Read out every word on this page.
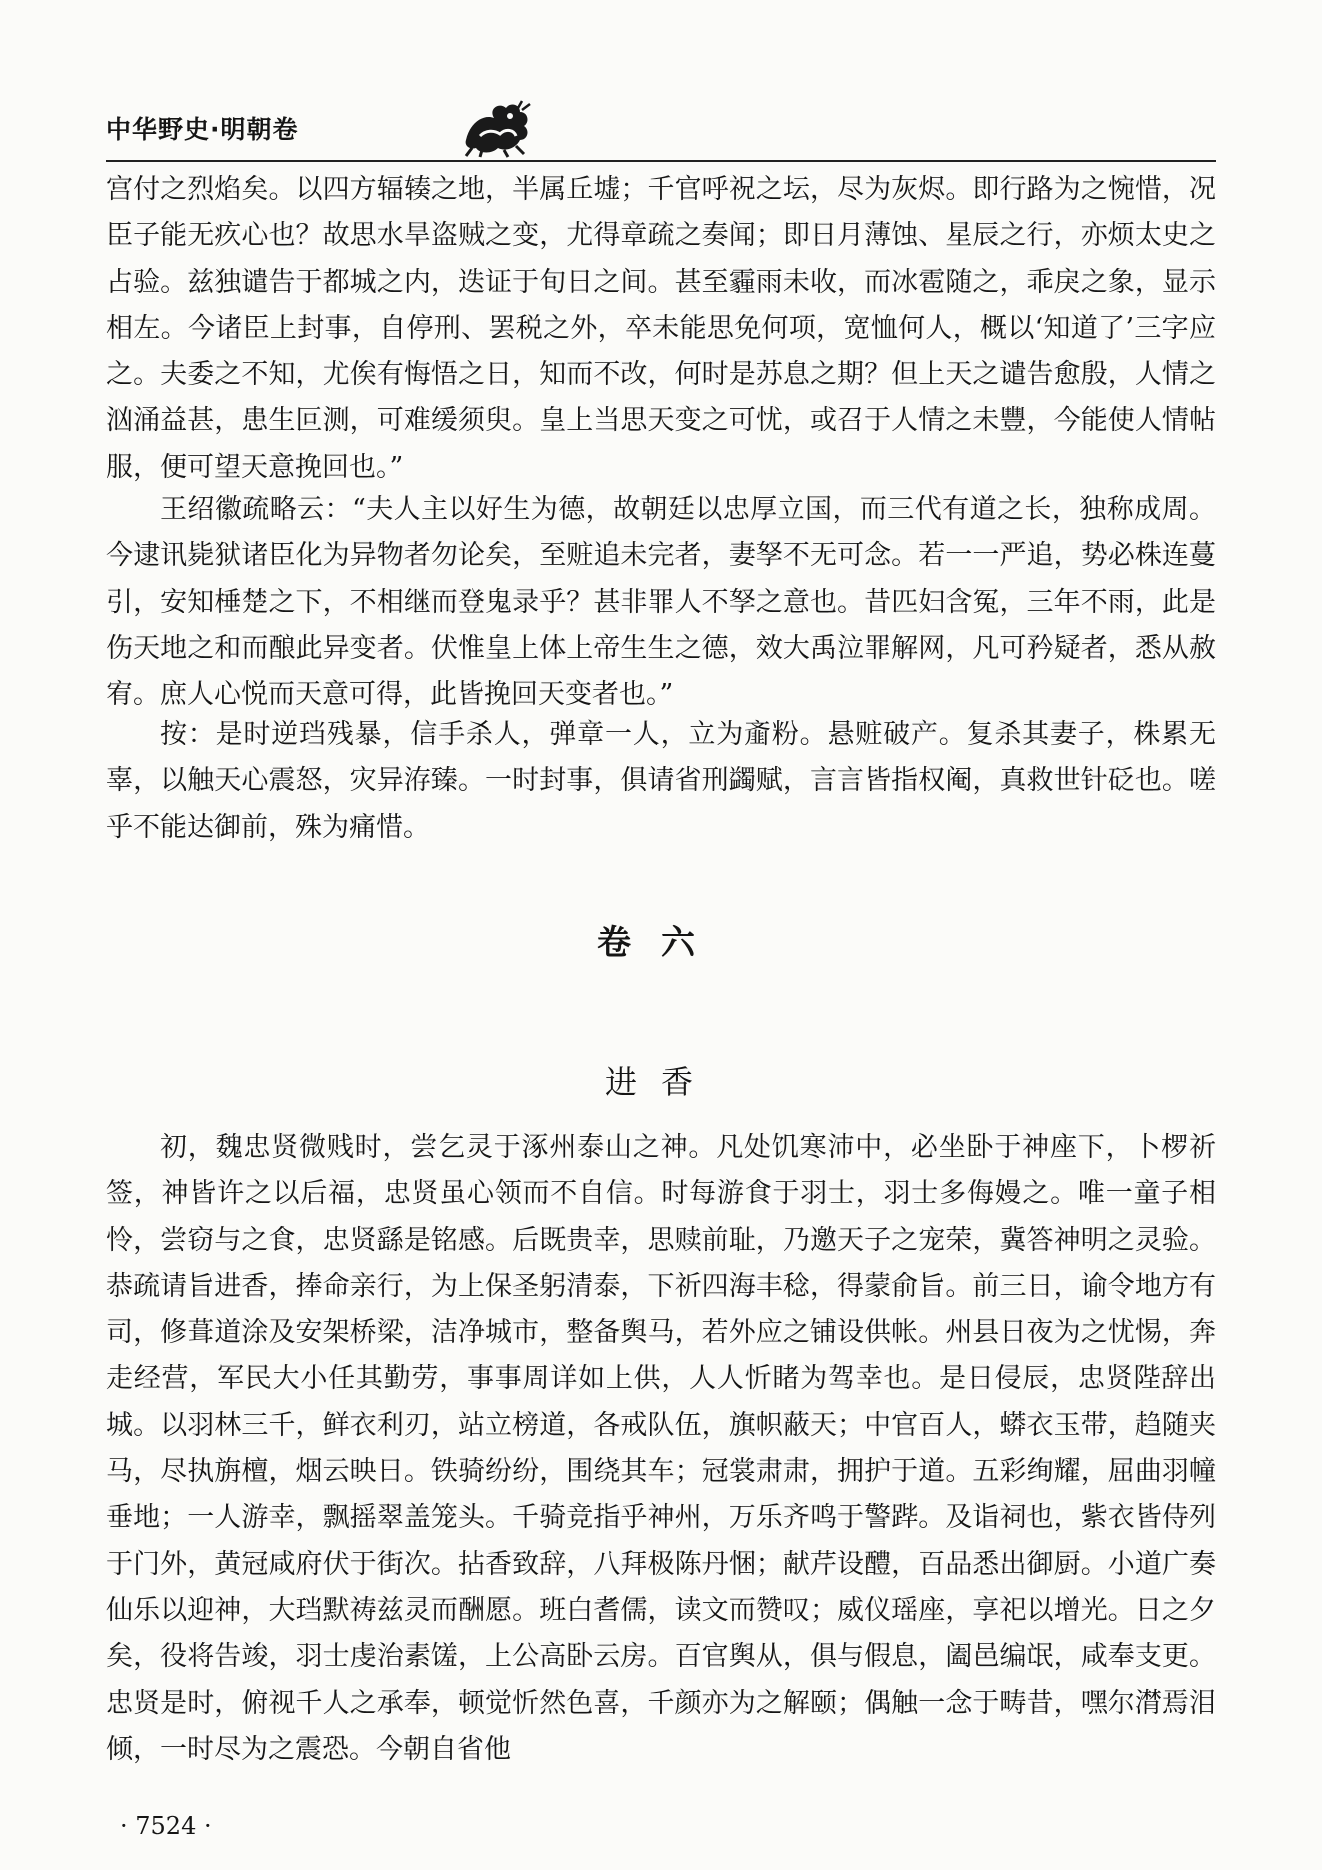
中华野史·明朝卷

宫付之烈焰矣。以四方辐辏之地，半属丘墟；千官呼祝之坛，尽为灰烬。即行路为之惋惜，况臣子能无疚心也？故思水旱盗贼之变，尤得章疏之奏闻；即日月薄蚀、星辰之行，亦烦太史之占验。兹独谴告于都城之内，迭证于旬日之间。甚至霾雨未收，而冰雹随之，乖戾之象，显示相左。今诸臣上封事，自停刑、罢税之外，卒未能思免何项，宽恤何人，概以‘知道了’三字应之。夫委之不知，尤俟有悔悟之日，知而不改，何时是苏息之期？但上天之谴告愈殷，人情之汹涌益甚，患生叵测，可难缓须臾。皇上当思天变之可忧，或召于人情之未豐，今能使人情帖服，便可望天意挽回也。”

王绍徽疏略云：“夫人主以好生为德，故朝廷以忠厚立国，而三代有道之长，独称成周。今逮讯毙狱诸臣化为异物者勿论矣，至赃追未完者，妻孥不无可念。若一一严追，势必株连蔓引，安知棰楚之下，不相继而登鬼录乎？甚非罪人不孥之意也。昔匹妇含冤，三年不雨，此是伤天地之和而酿此异变者。伏惟皇上体上帝生生之德，效大禹泣罪解网，凡可矜疑者，悉从赦宥。庶人心悦而天意可得，此皆挽回天变者也。”

按：是时逆珰残暴，信手杀人，弹章一人，立为齑粉。悬赃破产。复杀其妻子，株累无辜，以触天心震怒，灾异洊臻。一时封事，俱请省刑蠲赋，言言皆指权阉，真救世针砭也。嗟乎不能达御前，殊为痛惜。

卷六
进香

初，魏忠贤微贱时，尝乞灵于涿州泰山之神。凡处饥寒沛中，必坐卧于神座下，卜椤祈签，神皆许之以后福，忠贤虽心领而不自信。时每游食于羽士，羽士多侮嫚之。唯一童子相怜，尝窃与之食，忠贤繇是铭感。后既贵幸，思赎前耻，乃邀天子之宠荣，冀答神明之灵验。恭疏请旨进香，捧命亲行，为上保圣躬清泰，下祈四海丰稔，得蒙俞旨。前三日，谕令地方有司，修葺道涂及安架桥梁，洁净城市，整备舆马，若外应之铺设供帐。州县日夜为之忧惕，奔走经营，军民大小任其勤劳，事事周详如上供，人人忻睹为驾幸也。是日侵辰，忠贤陛辞出城。以羽林三千，鲜衣利刃，站立榜道，各戒队伍，旗帜蔽天；中官百人，蟒衣玉带，趋随夹马，尽执旃檀，烟云映日。铁骑纷纷，围绕其车；冠裳肃肃，拥护于道。五彩绚耀，屈曲羽幢垂地；一人游幸，飘摇翠盖笼头。千骑竞指乎神州，万乐齐鸣于警跸。及诣祠也，紫衣皆侍列于门外，黄冠咸府伏于街次。拈香致辞，八拜极陈丹悃；献芹设醴，百品悉出御厨。小道广奏仙乐以迎神，大珰默祷兹灵而酬愿。班白耆儒，读文而赞叹；威仪瑶座，享祀以增光。日之夕矣，役将告竣，羽士虔治素馐，上公高卧云房。百官舆从，俱与假息，阖邑编氓，咸奉支更。忠贤是时，俯视千人之承奉，顿觉忻然色喜，千颜亦为之解颐；偶触一念于畴昔，嘿尔潸焉泪倾，一时尽为之震恐。今朝自省他

· 7524 ·
